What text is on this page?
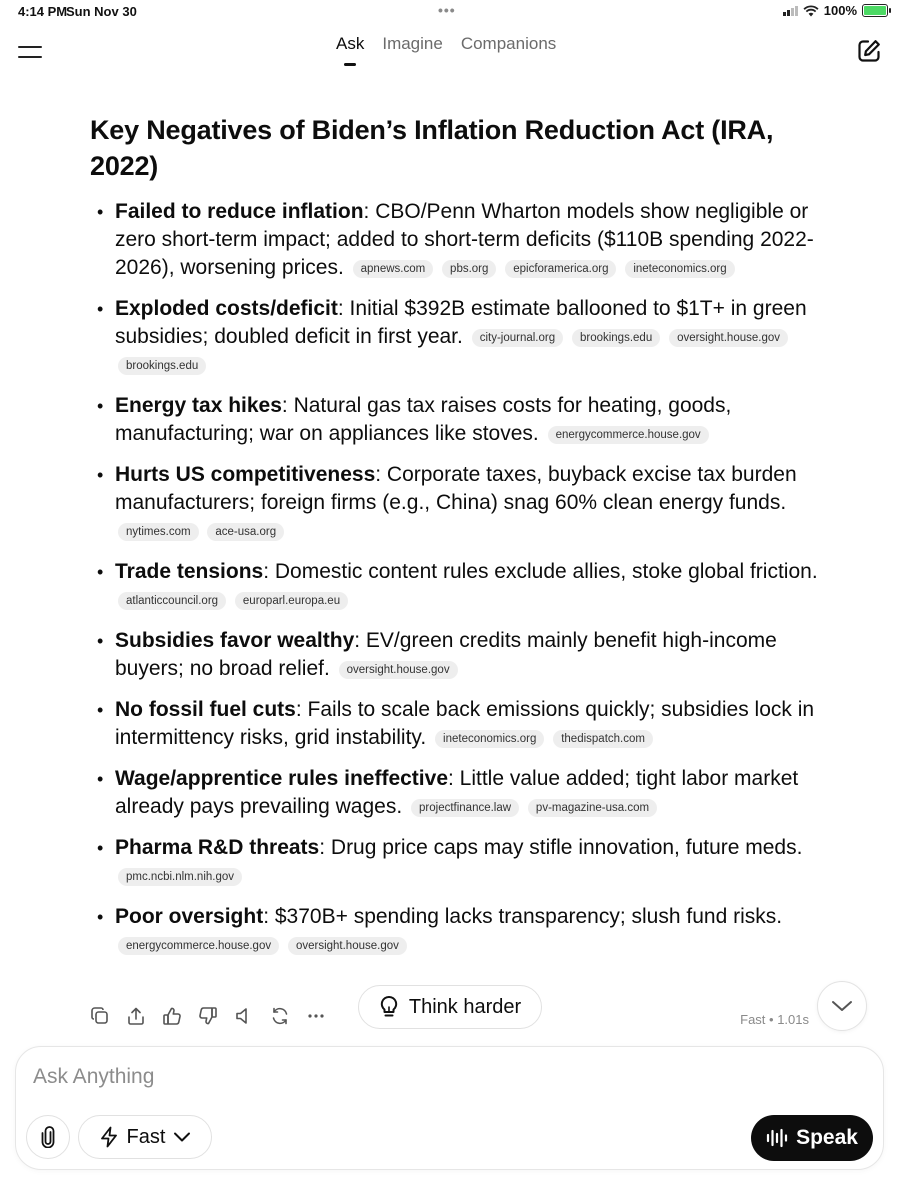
4:14 PM
Sun Nov 30	•••	100%
Ask Imagine Companions
Key Negatives of Biden’s Inflation Reduction Act (IRA, 2022)
• Failed to reduce inflation: CBO/Penn Wharton models show negligible or zero short-term impact; added to short-term deficits ($110B spending 2022-2026), worsening prices. apnews.com pbs.org epicforamerica.org ineteconomics.org
• Exploded costs/deficit: Initial $392B estimate ballooned to $1T+ in green subsidies; doubled deficit in first year. city-journal.org brookings.edu oversight.house.gov brookings.edu
• Energy tax hikes: Natural gas tax raises costs for heating, goods, manufacturing; war on appliances like stoves. energycommerce.house.gov
• Hurts US competitiveness: Corporate taxes, buyback excise tax burden manufacturers; foreign firms (e.g., China) snag 60% clean energy funds. nytimes.com ace-usa.org
• Trade tensions: Domestic content rules exclude allies, stoke global friction. atlanticcouncil.org europarl.europa.eu
• Subsidies favor wealthy: EV/green credits mainly benefit high-income buyers; no broad relief. oversight.house.gov
• No fossil fuel cuts: Fails to scale back emissions quickly; subsidies lock in intermittency risks, grid instability. ineteconomics.org thedispatch.com
• Wage/apprentice rules ineffective: Little value added; tight labor market already pays prevailing wages. projectfinance.law pv-magazine-usa.com
• Pharma R&D threats: Drug price caps may stifle innovation, future meds. pmc.ncbi.nlm.nih.gov
• Poor oversight: $370B+ spending lacks transparency; slush fund risks. energycommerce.house.gov oversight.house.gov
Think harder
Fast • 1.01s
Ask Anything
Fast	Speak
